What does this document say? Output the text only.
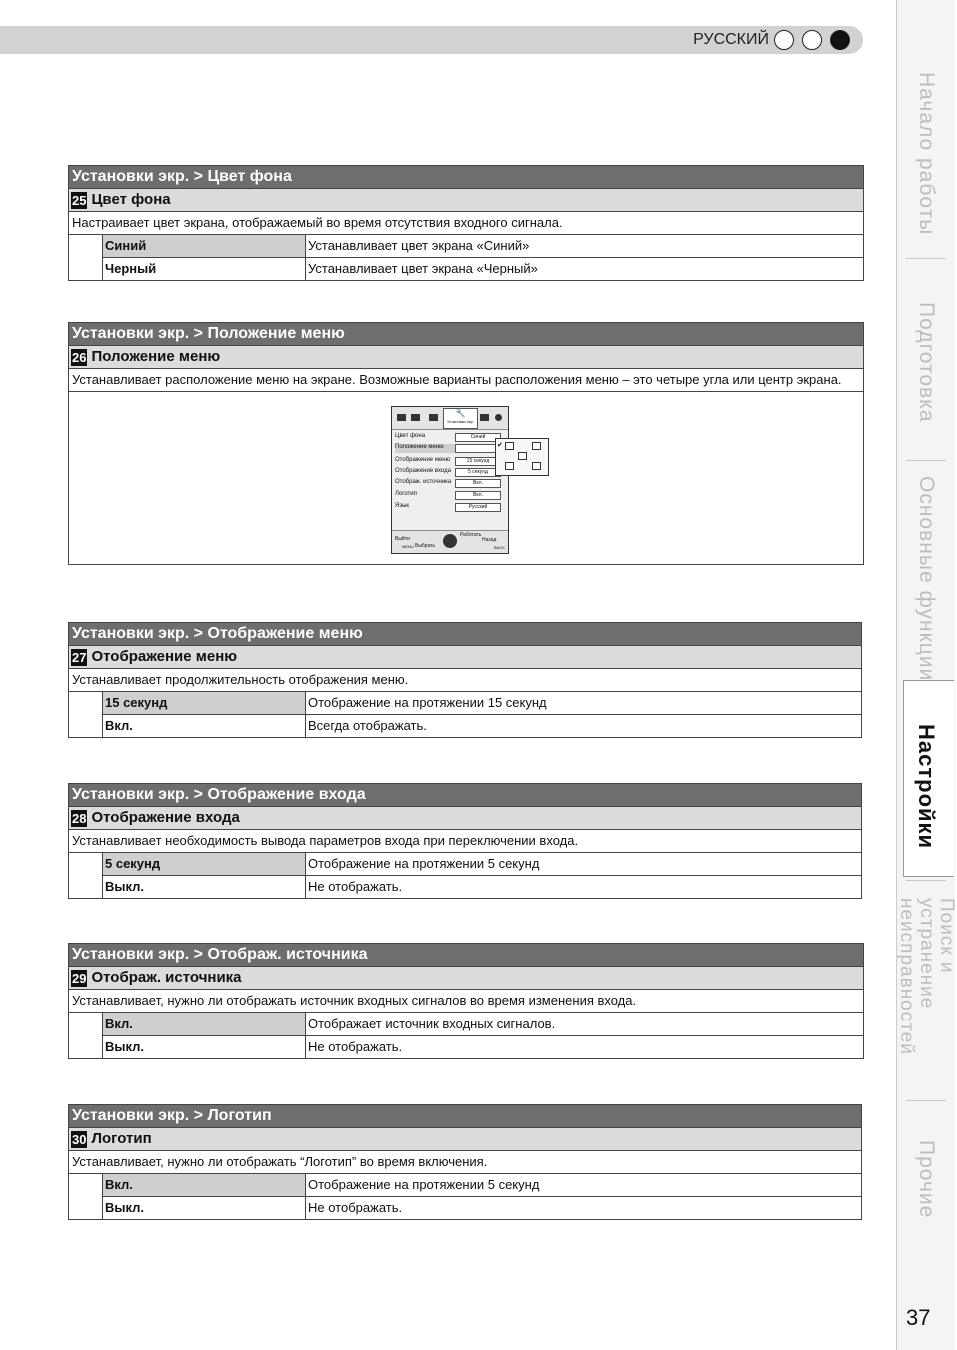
РУССКИЙ
Начало работы
Подготовка
Основные функции
Настройки
Поиск и устранение неисправностей
Прочие
37
Установки экр. > Цвет фона
25 Цвет фона
Настраивает цвет экрана, отображаемый во время отсутствия входного сигнала.
Синий	Устанавливает цвет экрана «Синий»
Черный	Устанавливает цвет экрана «Черный»
Установки экр. > Положение меню
26 Положение меню
Устанавливает расположение меню на экране. Возможные варианты расположения меню – это четыре угла или центр экрана.
🔧
Установки экр.
Цвет фона	Синий
Положение меню
Отображение меню	15 секунд
Отображение входа	5 секунд
Отображ. источника	Вкл.
Логотип	Вкл.
Язык	Русский
Выйти
MENU Выбрать
Работать
Назад
BACK
✔
Установки экр. > Отображение меню
27 Отображение меню
Устанавливает продолжительность отображения меню.
15 секунд	Отображение на протяжении 15 секунд
Вкл.	Всегда отображать.
Установки экр. > Отображение входа
28 Отображение входа
Устанавливает необходимость вывода параметров входа при переключении входа.
5 секунд	Отображение на протяжении 5 секунд
Выкл.	Не отображать.
Установки экр. > Отображ. источника
29 Отображ. источника
Устанавливает, нужно ли отображать источник входных сигналов во время изменения входа.
Вкл.	Отображает источник входных сигналов.
Выкл.	Не отображать.
Установки экр. > Логотип
30 Логотип
Устанавливает, нужно ли отображать “Логотип” во время включения.
Вкл.	Отображение на протяжении 5 секунд
Выкл.	Не отображать.
